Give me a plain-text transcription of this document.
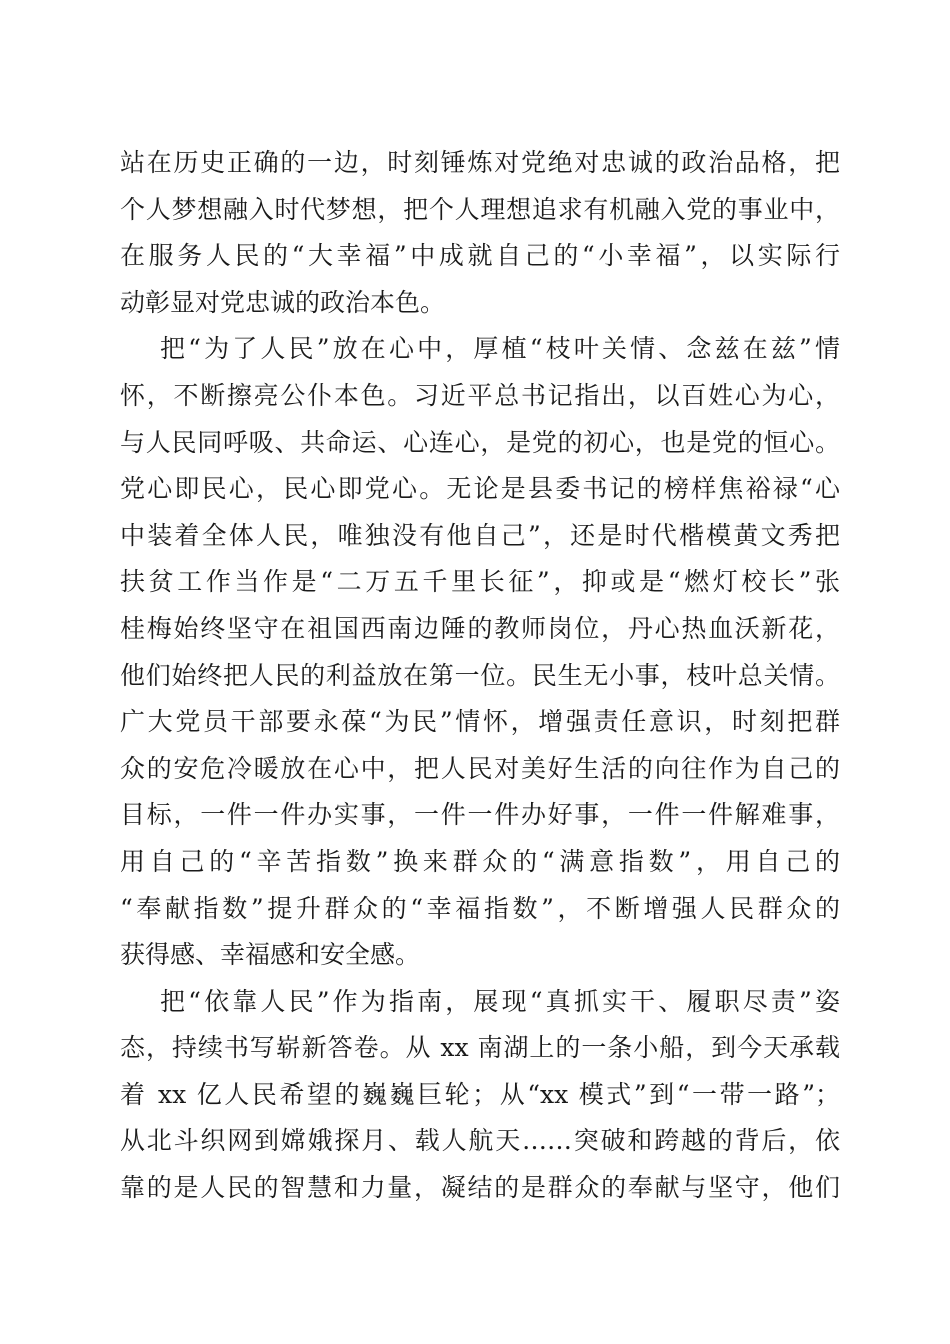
站在历史正确的一边，时刻锤炼对党绝对忠诚的政治品格，把
个人梦想融入时代梦想，把个人理想追求有机融入党的事业中，
在服务人民的“大幸福”中成就自己的“小幸福”，以实际行
动彰显对党忠诚的政治本色。
把“为了人民”放在心中，厚植“枝叶关情、念兹在兹”情
怀，不断擦亮公仆本色。习近平总书记指出，以百姓心为心，
与人民同呼吸、共命运、心连心，是党的初心，也是党的恒心。
党心即民心，民心即党心。无论是县委书记的榜样焦裕禄“心
中装着全体人民，唯独没有他自己”，还是时代楷模黄文秀把
扶贫工作当作是“二万五千里长征”，抑或是“燃灯校长”张
桂梅始终坚守在祖国西南边陲的教师岗位，丹心热血沃新花，
他们始终把人民的利益放在第一位。民生无小事，枝叶总关情。
广大党员干部要永葆“为民”情怀，增强责任意识，时刻把群
众的安危冷暖放在心中，把人民对美好生活的向往作为自己的
目标，一件一件办实事，一件一件办好事，一件一件解难事，
用自己的“辛苦指数”换来群众的“满意指数”，用自己的
“奉献指数”提升群众的“幸福指数”，不断增强人民群众的
获得感、幸福感和安全感。
把“依靠人民”作为指南，展现“真抓实干、履职尽责”姿
态，持续书写崭新答卷。从 xx 南湖上的一条小船，到今天承载
着 xx 亿人民希望的巍巍巨轮；从“xx 模式”到“一带一路”；
从北斗织网到嫦娥探月、载人航天……突破和跨越的背后，依
靠的是人民的智慧和力量，凝结的是群众的奉献与坚守，他们
